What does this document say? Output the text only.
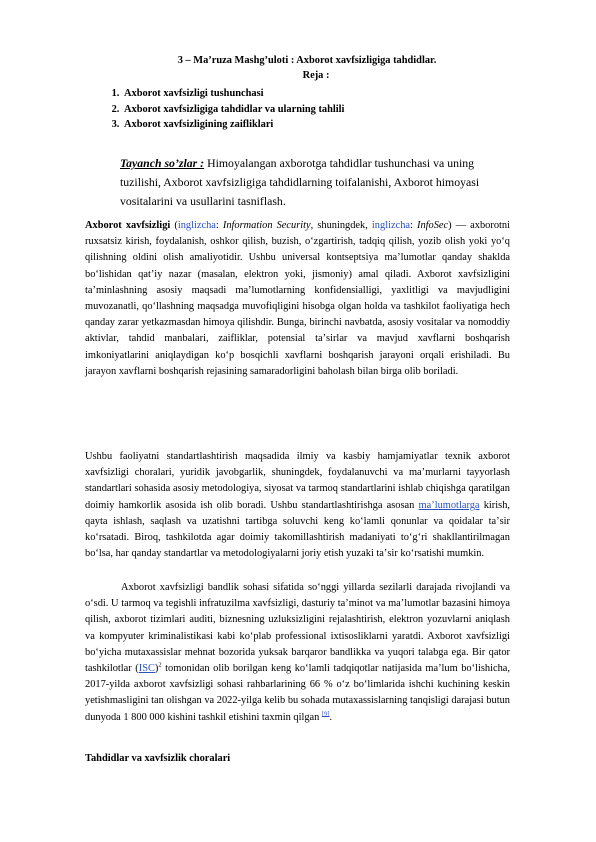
3 – Ma’ruza Mashg’uloti : Axborot xavfsizligiga tahdidlar.
Reja :
1. Axborot xavfsizligi tushunchasi
2. Axborot xavfsizligiga tahdidlar va ularning tahlili
3. Axborot xavfsizligining zaifliklari
Tayanch so’zlar : Himoyalangan axborotga tahdidlar tushunchasi va uning tuzilishi, Axborot xavfsizligiga tahdidlarning toifalanishi, Axborot himoyasi vositalarini va usullarini tasniflash.

Axborot xavfsizligi (inglizcha: Information Security, shuningdek, inglizcha: InfoSec) — axborotni ruxsatsiz kirish, foydalanish, oshkor qilish, buzish, oʻzgartirish, tadqiq qilish, yozib olish yoki yoʻq qilishning oldini olish amaliyotidir. Ushbu universal kontseptsiya maʼlumotlar qanday shaklda boʻlishidan qatʼiy nazar (masalan, elektron yoki, jismoniy) amal qiladi. Axborot xavfsizligini taʼminlashning asosiy maqsadi maʼlumotlarning konfidensialligi, yaxlitligi va mavjudligini muvozanatli, qoʻllashning maqsadga muvofiqligini hisobga olgan holda va tashkilot faoliyatiga hech qanday zarar yetkazmasdan himoya qilishdir. Bunga, birinchi navbatda, asosiy vositalar va nomoddiy aktivlar, tahdid manbalari, zaifliklar, potensial taʼsirlar va mavjud xavflarni boshqarish imkoniyatlarini aniqlaydigan koʻp bosqichli xavflarni boshqarish jarayoni orqali erishiladi. Bu jarayon xavflarni boshqarish rejasining samaradorligini baholash bilan birga olib boriladi.

Ushbu faoliyatni standartlashtirish maqsadida ilmiy va kasbiy hamjamiyatlar texnik axborot xavfsizligi choralari, yuridik javobgarlik, shuningdek, foydalanuvchi va maʼmurlarni tayyorlash standartlari sohasida asosiy metodologiya, siyosat va tarmoq standartlarini ishlab chiqishga qaratilgan doimiy hamkorlik asosida ish olib boradi. Ushbu standartlashtirishga asosan maʼlumotlarga kirish, qayta ishlash, saqlash va uzatishni tartibga soluvchi keng koʻlamli qonunlar va qoidalar taʼsir koʻrsatadi. Biroq, tashkilotda agar doimiy takomillashtirish madaniyati toʻgʻri shakllantirilmagan boʻlsa, har qanday standartlar va metodologiyalarni joriy etish yuzaki taʼsir koʻrsatishi mumkin.

Axborot xavfsizligi bandlik sohasi sifatida soʻnggi yillarda sezilarli darajada rivojlandi va oʻsdi. U tarmoq va tegishli infratuzilma xavfsizligi, dasturiy taʼminot va maʼlumotlar bazasini himoya qilish, axborot tizimlari auditi, biznesning uzluksizligini rejalashtirish, elektron yozuvlarni aniqlash va kompyuter kriminalistikasi kabi koʻplab professional ixtisosliklarni yaratdi. Axborot xavfsizligi boʻyicha mutaxassislar mehnat bozorida yuksak barqaror bandlikka va yuqori talabga ega. Bir qator tashkilotlar (ISC)$^2$ tomonidan olib borilgan keng koʻlamli tadqiqotlar natijasida maʼlum boʻlishicha, 2017-yilda axborot xavfsizligi sohasi rahbarlarining 66 % oʻz boʻlimlarida ishchi kuchining keskin yetishmasligini tan olishgan va 2022-yilga kelib bu sohada mutaxassislarning tanqisligi darajasi butun dunyoda 1 800 000 kishini tashkil etishini taxmin qilgan [9].

Tahdidlar va xavfsizlik choralari
